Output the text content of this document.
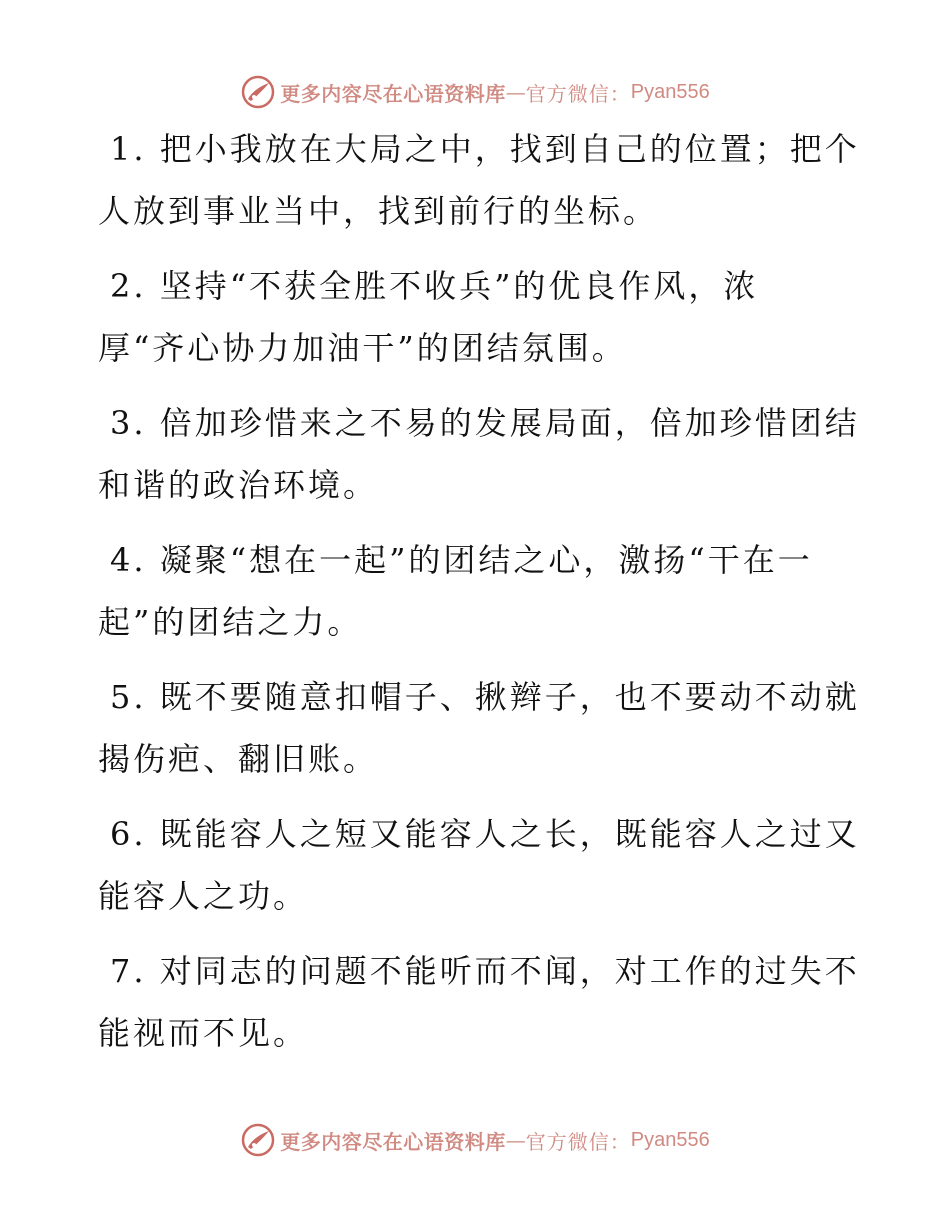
更多内容尽在心语资料库 — 官方微信： Pyan556
1. 把小我放在大局之中，找到自己的位置；把个
人放到事业当中，找到前行的坐标。
2. 坚持“不获全胜不收兵”的优良作风，浓
厚“齐心协力加油干”的团结氛围。
3. 倍加珍惜来之不易的发展局面，倍加珍惜团结
和谐的政治环境。
4. 凝聚“想在一起”的团结之心，激扬“干在一
起”的团结之力。
5. 既不要随意扣帽子、揪辫子，也不要动不动就
揭伤疤、翻旧账。
6. 既能容人之短又能容人之长，既能容人之过又
能容人之功。
7. 对同志的问题不能听而不闻，对工作的过失不
能视而不见。
更多内容尽在心语资料库 — 官方微信： Pyan556
